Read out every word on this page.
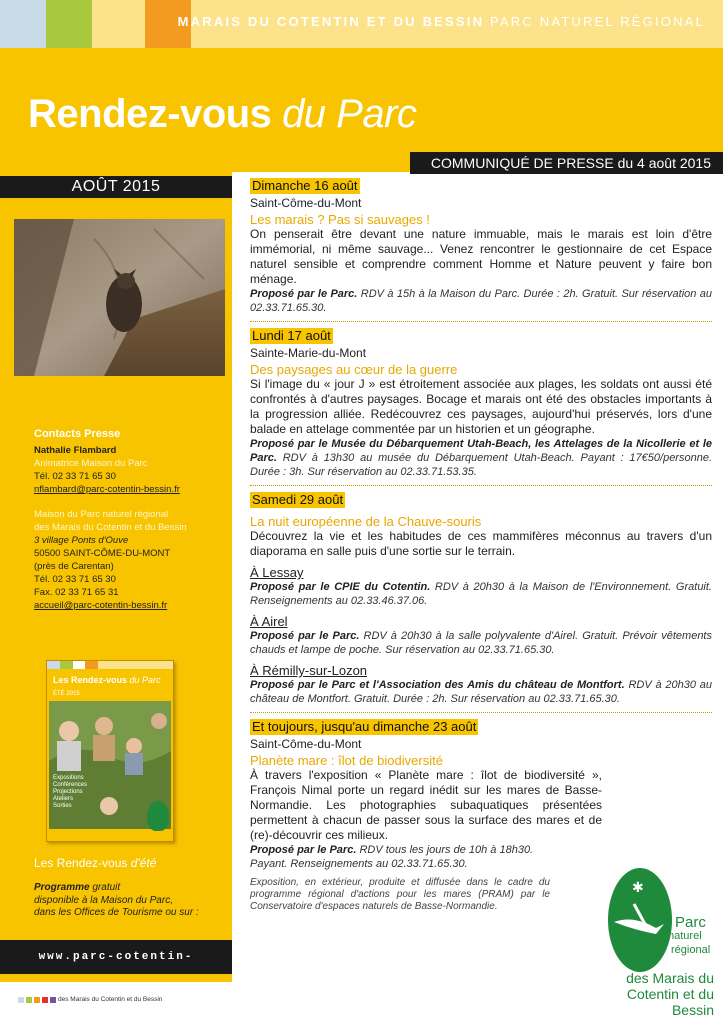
MARAIS DU COTENTIN ET DU BESSIN PARC NATUREL RÉGIONAL
Rendez-vous du Parc
COMMUNIQUÉ DE PRESSE du 4 août 2015
AOÛT 2015
Contacts Presse
Nathalie Flambard
Animatrice Maison du Parc
Tél. 02 33 71 65 30
nflambard@parc-cotentin-bessin.fr
Maison du Parc naturel régional
des Marais du Cotentin et du Bessin
3 village Ponts d'Ouve
50500 SAINT-CÔME-DU-MONT
(près de Carentan)
Tél. 02 33 71 65 30
Fax. 02 33 71 65 31
accueil@parc-cotentin-bessin.fr
Les Rendez-vous du Parc
ÉTÉ 2015
Expositions
Conférences
Projections
Ateliers
Sorties
Les Rendez-vous d'été
Programme gratuit
disponible à la Maison du Parc,
dans les Offices de Tourisme ou sur :
www.parc-cotentin-bessin.fr
des Marais du Cotentin et du Bessin
Dimanche 16 août
Saint-Côme-du-Mont
Les marais ? Pas si sauvages !
On penserait être devant une nature immuable, mais le marais est loin d'être immémorial, ni même sauvage... Venez rencontrer le gestionnaire de cet Espace naturel sensible et comprendre comment Homme et Nature peuvent y faire bon ménage.
Proposé par le Parc. RDV à 15h à la Maison du Parc. Durée : 2h. Gratuit. Sur réservation au 02.33.71.65.30.
Lundi 17 août
Sainte-Marie-du-Mont
Des paysages au cœur de la guerre
Si l'image du « jour J » est étroitement associée aux plages, les soldats ont aussi été confrontés à d'autres paysages. Bocage et marais ont été des obstacles importants à la progression alliée. Redécouvrez ces paysages, aujourd'hui préservés, lors d'une balade en attelage commentée par un historien et un géographe.
Proposé par le Musée du Débarquement Utah-Beach, les Attelages de la Nicollerie et le Parc. RDV à 13h30 au musée du Débarquement Utah-Beach. Payant : 17€50/personne. Durée : 3h. Sur réservation au 02.33.71.53.35.
Samedi 29 août
La nuit européenne de la Chauve-souris
Découvrez la vie et les habitudes de ces mammifères méconnus au travers d'un diaporama en salle puis d'une sortie sur le terrain.
À Lessay
Proposé par le CPIE du Cotentin. RDV à 20h30 à la Maison de l'Environnement. Gratuit. Renseignements au 02.33.46.37.06.
À Airel
Proposé par le Parc. RDV à 20h30 à la salle polyvalente d'Airel. Gratuit. Prévoir vêtements chauds et lampe de poche. Sur réservation au 02.33.71.65.30.
À Rémilly-sur-Lozon
Proposé par le Parc et l'Association des Amis du château de Montfort. RDV à 20h30 au château de Montfort. Gratuit. Durée : 2h. Sur réservation au 02.33.71.65.30.
Et toujours, jusqu'au dimanche 23 août
Saint-Côme-du-Mont
Planète mare : îlot de biodiversité
À travers l'exposition « Planète mare : îlot de biodiversité », François Nimal porte un regard inédit sur les mares de Basse-Normandie. Les photographies subaquatiques présentées permettent à chacun de passer sous la surface des mares et de (re)-découvrir ces milieux.
Proposé par le Parc. RDV tous les jours de 10h à 18h30.
Payant. Renseignements au 02.33.71.65.30.
Exposition, en extérieur, produite et diffusée dans le cadre du programme régional d'actions pour les mares (PRAM) par le Conservatoire d'espaces naturels de Basse-Normandie.
✱
Parc
naturel
régional
des Marais du Cotentin et du Bessin
